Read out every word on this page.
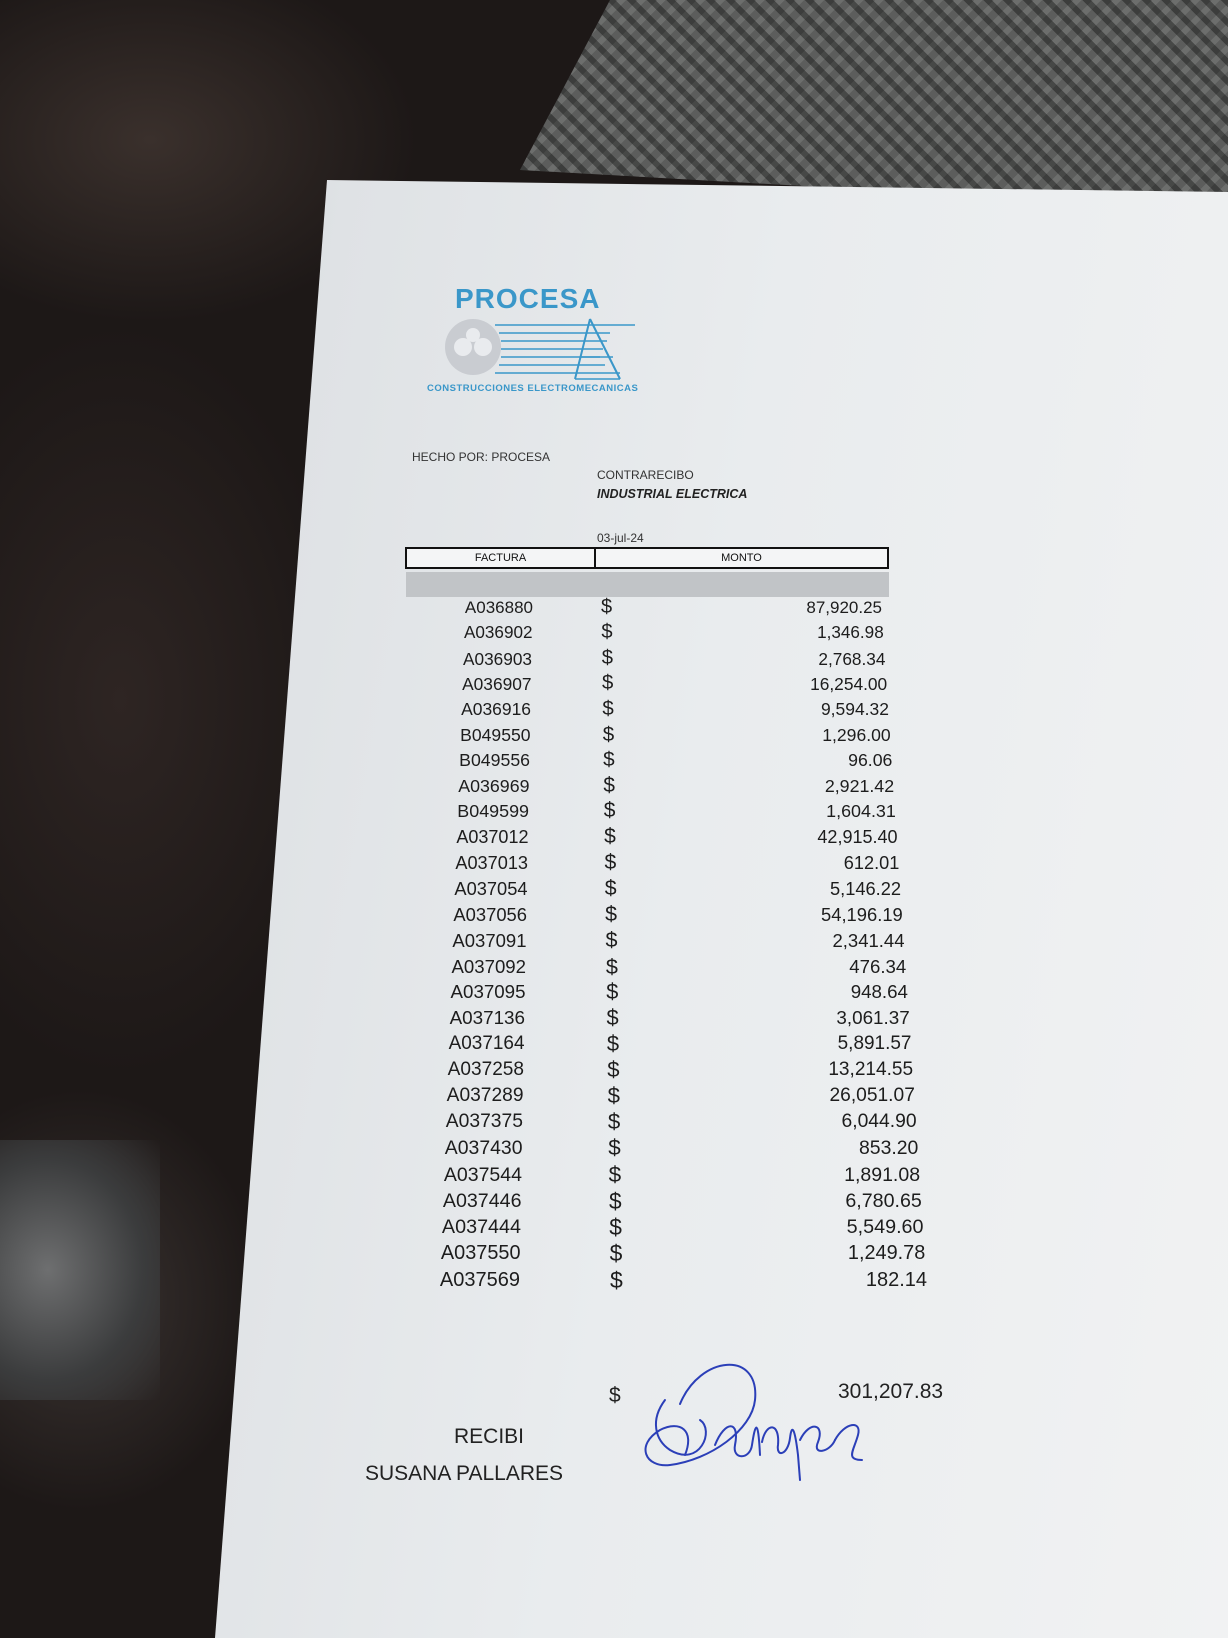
PROCESA
CONSTRUCCIONES ELECTROMECANICAS
HECHO POR: PROCESA
CONTRARECIBO
INDUSTRIAL ELECTRICA
03-jul-24
FACTURA	MONTO
A036880	$	87,920.25
A036902	$	1,346.98
A036903	$	2,768.34
A036907	$	16,254.00
A036916	$	9,594.32
B049550	$	1,296.00
B049556	$	96.06
A036969	$	2,921.42
B049599	$	1,604.31
A037012	$	42,915.40
A037013	$	612.01
A037054	$	5,146.22
A037056	$	54,196.19
A037091	$	2,341.44
A037092	$	476.34
A037095	$	948.64
A037136	$	3,061.37
A037164	$	5,891.57
A037258	$	13,214.55
A037289	$	26,051.07
A037375	$	6,044.90
A037430	$	853.20
A037544	$	1,891.08
A037446	$	6,780.65
A037444	$	5,549.60
A037550	$	1,249.78
A037569	$	182.14
$	301,207.83
RECIBI
SUSANA PALLARES
